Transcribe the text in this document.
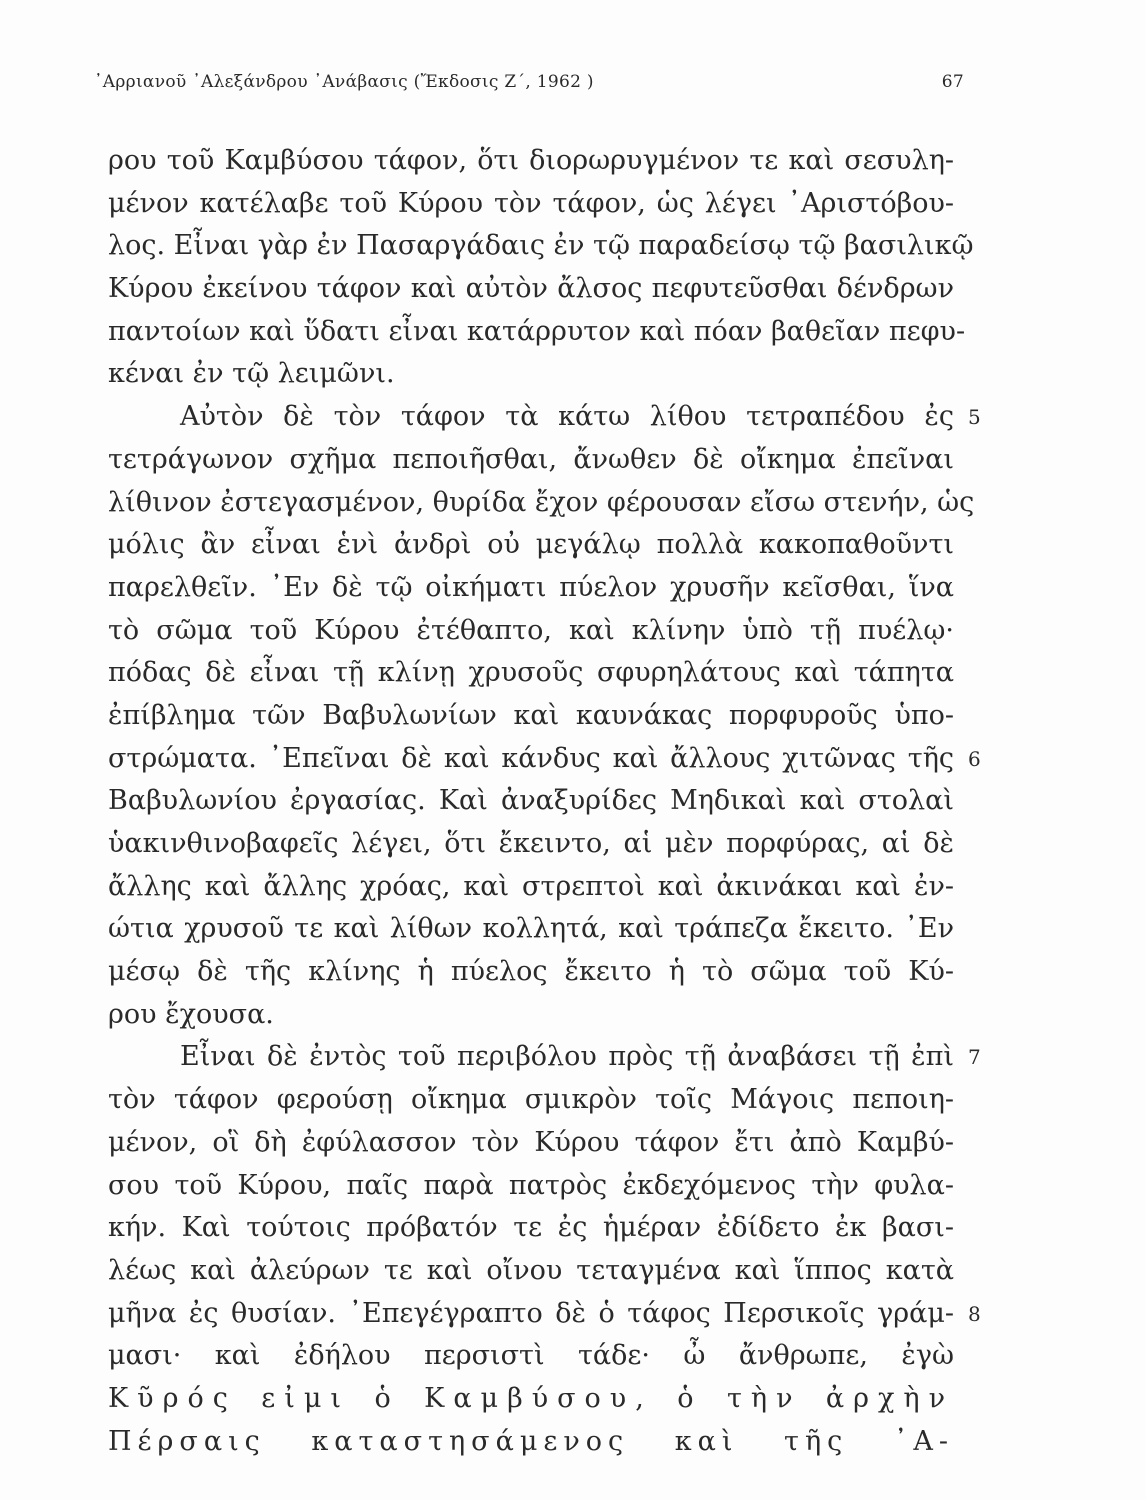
᾿Αρριανοῦ ᾿Αλεξάνδρου ᾿Ανάβασις (Ἔκδοσις Ζ΄, 1962 )	67
ρου τοῦ Καμβύσου τάφον, ὅτι διορωρυγμένον τε καὶ σεσυλη-
μένον κατέλαβε τοῦ Κύρου τὸν τάφον, ὡς λέγει ᾿Αριστόβου-
λος. Εἶναι γὰρ ἐν Πασαργάδαις ἐν τῷ παραδείσῳ τῷ βασιλικῷ
Κύρου ἐκείνου τάφον καὶ αὐτὸν ἄλσος πεφυτεῦσθαι δένδρων
παντοίων καὶ ὕδατι εἶναι κατάρρυτον καὶ πόαν βαθεῖαν πεφυ-
κέναι ἐν τῷ λειμῶνι.
Αὐτὸν δὲ τὸν τάφον τὰ κάτω λίθου τετραπέδου ἐς 5
τετράγωνον σχῆμα πεποιῆσθαι, ἄνωθεν δὲ οἴκημα ἐπεῖναι
λίθινον ἐστεγασμένον, θυρίδα ἔχον φέρουσαν εἴσω στενήν, ὡς
μόλις ἂν εἶναι ἑνὶ ἀνδρὶ οὐ μεγάλῳ πολλὰ κακοπαθοῦντι
παρελθεῖν. ᾿Εν δὲ τῷ οἰκήματι πύελον χρυσῆν κεῖσθαι, ἵνα
τὸ σῶμα τοῦ Κύρου ἐτέθαπτο, καὶ κλίνην ὑπὸ τῇ πυέλῳ·
πόδας δὲ εἶναι τῇ κλίνῃ χρυσοῦς σφυρηλάτους καὶ τάπητα
ἐπίβλημα τῶν Βαβυλωνίων καὶ καυνάκας πορφυροῦς ὑπο-
στρώματα. ᾿Επεῖναι δὲ καὶ κάνδυς καὶ ἄλλους χιτῶνας τῆς 6
Βαβυλωνίου ἐργασίας. Καὶ ἀναξυρίδες Μηδικαὶ καὶ στολαὶ
ὑακινθινοβαφεῖς λέγει, ὅτι ἔκειντο, αἱ μὲν πορφύρας, αἱ δὲ
ἄλλης καὶ ἄλλης χρόας, καὶ στρεπτοὶ καὶ ἀκινάκαι καὶ ἐν-
ώτια χρυσοῦ τε καὶ λίθων κολλητά, καὶ τράπεζα ἔκειτο. ᾿Εν
μέσῳ δὲ τῆς κλίνης ἡ πύελος ἔκειτο ἡ τὸ σῶμα τοῦ Κύ-
ρου ἔχουσα.
Εἶναι δὲ ἐντὸς τοῦ περιβόλου πρὸς τῇ ἀναβάσει τῇ ἐπὶ 7
τὸν τάφον φερούσῃ οἴκημα σμικρὸν τοῖς Μάγοις πεποιη-
μένον, οἳ δὴ ἐφύλασσον τὸν Κύρου τάφον ἔτι ἀπὸ Καμβύ-
σου τοῦ Κύρου, παῖς παρὰ πατρὸς ἐκδεχόμενος τὴν φυλα-
κήν. Καὶ τούτοις πρόβατόν τε ἐς ἡμέραν ἐδίδετο ἐκ βασι-
λέως καὶ ἀλεύρων τε καὶ οἴνου τεταγμένα καὶ ἵππος κατὰ
μῆνα ἐς θυσίαν. ᾿Επεγέγραπτο δὲ ὁ τάφος Περσικοῖς γράμ- 8
μασι· καὶ ἐδήλου περσιστὶ τάδε· ὦ ἄνθρωπε, ἐγὼ
Κῦρός εἰμι ὁ Καμβύσου, ὁ τὴν ἀρχὴν
Πέρσαις καταστησάμενος καὶ τῆς ᾿Α-
